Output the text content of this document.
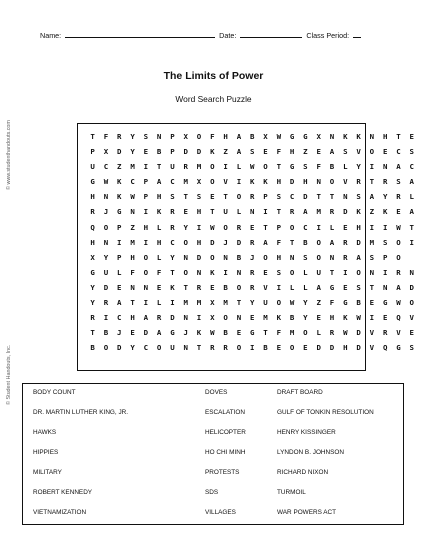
Name:	Date:	Class Period:
© www.studenthandouts.com
© Student Handouts, Inc.
The Limits of Power
Word Search Puzzle
T	F	R	Y	S	N	P	X	O	F	H	A	B	X	W	G	G	X	N	K	K	N	H	T	E
P	X	D	Y	E	B	P	D	D	K	Z	A	S	E	F	H	Z	E	A	S	V	O	E	C	S
U	C	Z	M	I	T	U	R	M	O	I	L	W	O	T	G	S	F	B	L	Y	I	N	A	C
G	W	K	C	P	A	C	M	X	O	V	I	K	K	H	D	H	N	O	V	R	T	R	S	A
H	N	K	W	P	H	S	T	S	E	T	O	R	P	S	C	D	T	T	N	S	A	Y	R	L
R	J	G	N	I	K	R	E	H	T	U	L	N	I	T	R	A	M	R	D	K	Z	K	E	A
Q	O	P	Z	H	L	R	Y	I	W	O	R	E	T	P	O	C	I	L	E	H	I	I	W	T
H	N	I	M	I	H	C	O	H	D	J	D	R	A	F	T	B	O	A	R	D	M	S	O	I
X	Y	P	H	O	L	Y	N	D	O	N	B	J	O	H	N	S	O	N	R	A	S	P	O
G	U	L	F	O	F	T	O	N	K	I	N	R	E	S	O	L	U	T	I	O	N	I	R	N
Y	D	E	N	N	E	K	T	R	E	B	O	R	V	I	L	L	A	G	E	S	T	N	A	D
Y	R	A	T	I	L	I	M	M	X	M	T	Y	U	O	W	Y	Z	F	G	B	E	G	W	O
R	I	C	H	A	R	D	N	I	X	O	N	E	M	K	B	Y	E	H	K	W	I	E	Q	V
T	B	J	E	D	A	G	J	K	W	B	E	G	T	F	M	O	L	R	W	D	V	R	V	E
B	O	D	Y	C	O	U	N	T	R	R	O	I	B	E	O	E	D	D	H	D	V	Q	G	S
BODY COUNT	DOVES	DRAFT BOARD
DR. MARTIN LUTHER KING, JR.	ESCALATION	GULF OF TONKIN RESOLUTION
HAWKS	HELICOPTER	HENRY KISSINGER
HIPPIES	HO CHI MINH	LYNDON B. JOHNSON
MILITARY	PROTESTS	RICHARD NIXON
ROBERT KENNEDY	SDS	TURMOIL
VIETNAMIZATION	VILLAGES	WAR POWERS ACT
